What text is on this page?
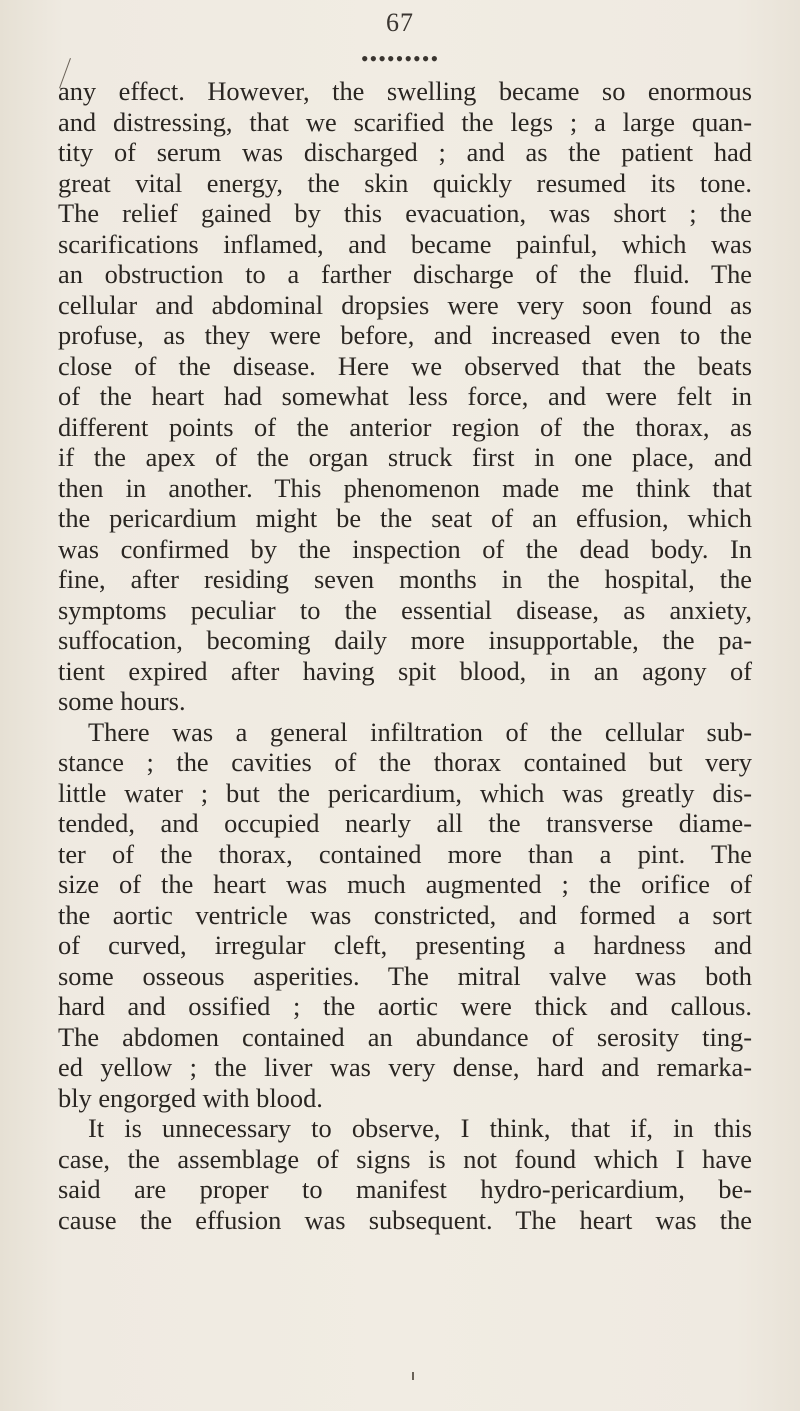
67
•••••••••
any effect. However, the swelling became so enormous
and distressing, that we scarified the legs ; a large quan-
tity of serum was discharged ; and as the patient had
great vital energy, the skin quickly resumed its tone.
The relief gained by this evacuation, was short ; the
scarifications inflamed, and became painful, which was
an obstruction to a farther discharge of the fluid. The
cellular and abdominal dropsies were very soon found as
profuse, as they were before, and increased even to the
close of the disease. Here we observed that the beats
of the heart had somewhat less force, and were felt in
different points of the anterior region of the thorax, as
if the apex of the organ struck first in one place, and
then in another. This phenomenon made me think that
the pericardium might be the seat of an effusion, which
was confirmed by the inspection of the dead body. In
fine, after residing seven months in the hospital, the
symptoms peculiar to the essential disease, as anxiety,
suffocation, becoming daily more insupportable, the pa-
tient expired after having spit blood, in an agony of
some hours.
There was a general infiltration of the cellular sub-
stance ; the cavities of the thorax contained but very
little water ; but the pericardium, which was greatly dis-
tended, and occupied nearly all the transverse diame-
ter of the thorax, contained more than a pint. The
size of the heart was much augmented ; the orifice of
the aortic ventricle was constricted, and formed a sort
of curved, irregular cleft, presenting a hardness and
some osseous asperities. The mitral valve was both
hard and ossified ; the aortic were thick and callous.
The abdomen contained an abundance of serosity ting-
ed yellow ; the liver was very dense, hard and remarka-
bly engorged with blood.
It is unnecessary to observe, I think, that if, in this
case, the assemblage of signs is not found which I have
said are proper to manifest hydro-pericardium, be-
cause the effusion was subsequent. The heart was the
